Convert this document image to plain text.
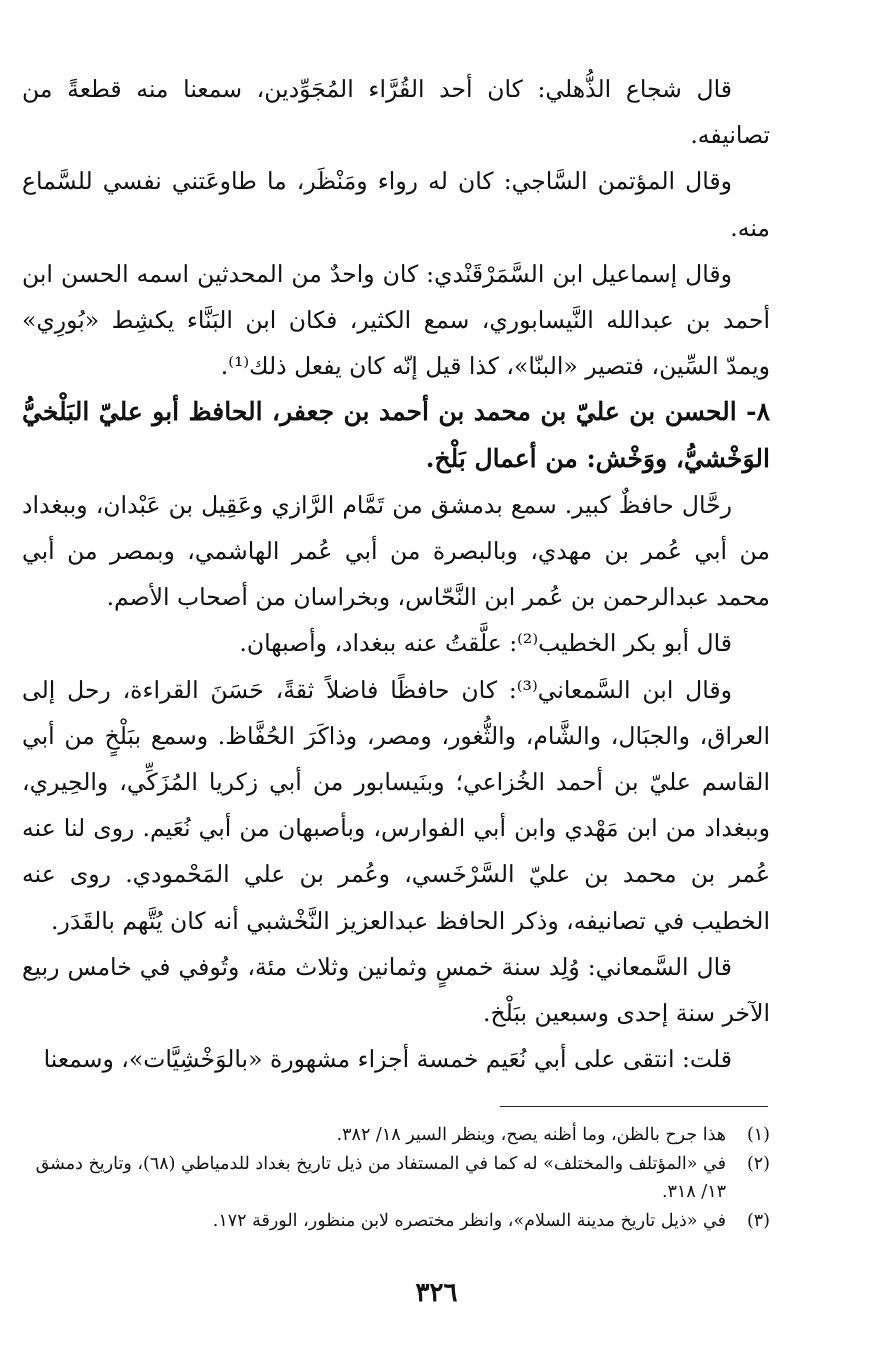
قال شجاع الذُّهلي: كان أحد القُرَّاء المُجَوِّدين، سمعنا منه قطعةً من تصانيفه.

وقال المؤتمن السَّاجي: كان له رواء ومَنْظَر، ما طاوعَتني نفسي للسَّماع منه.

وقال إسماعيل ابن السَّمَرْقَنْدي: كان واحدٌ من المحدثين اسمه الحسن ابن أحمد بن عبدالله النَّيسابوري، سمع الكثير، فكان ابن البَنَّاء يكشِط «بُورِي» ويمدّ السِّين، فتصير «البنّا»، كذا قيل إنّه كان يفعل ذلك⁽¹⁾.

٨- الحسن بن عليّ بن محمد بن أحمد بن جعفر، الحافظ أبو عليّ البَلْخيُّ الوَخْشيُّ، ووَخْش: من أعمال بَلْخ.

رحَّال حافظٌ كبير. سمع بدمشق من تَمَّام الرَّازي وعَقِيل بن عَبْدان، وببغداد من أبي عُمر بن مهدي، وبالبصرة من أبي عُمر الهاشمي، وبمصر من أبي محمد عبدالرحمن بن عُمر ابن النَّحّاس، وبخراسان من أصحاب الأصم.

قال أبو بكر الخطيب⁽²⁾: علَّقتُ عنه ببغداد، وأصبهان.

وقال ابن السَّمعاني⁽³⁾: كان حافظًا فاضلاً ثقةً، حَسَنَ القراءة، رحل إلى العراق، والجبَال، والشَّام، والثُّغور، ومصر، وذاكَرَ الحُفَّاظ. وسمع ببَلْخٍ من أبي القاسم عليّ بن أحمد الخُزاعي؛ وبنَيسابور من أبي زكريا المُزَكِّي، والحِيري، وببغداد من ابن مَهْدي وابن أبي الفوارس، وبأصبهان من أبي نُعَيم. روى لنا عنه عُمر بن محمد بن عليّ السَّرْخَسي، وعُمر بن علي المَحْمودي. روى عنه الخطيب في تصانيفه، وذكر الحافظ عبدالعزيز النَّخْشبي أنه كان يُتَّهم بالقَدَر.

قال السَّمعاني: وُلِد سنة خمسٍ وثمانين وثلاث مئة، وتُوفي في خامس ربيع الآخر سنة إحدى وسبعين ببَلْخ.

قلت: انتقى على أبي نُعَيم خمسة أجزاء مشهورة «بالوَخْشِيَّات»، وسمعنا

(١)
هذا جرح بالظن، وما أظنه يصح، وينظر السير ١٨/ ٣٨٢.
(٢)
في «المؤتلف والمختلف» له كما في المستفاد من ذيل تاريخ بغداد للدمياطي (٦٨)، وتاريخ دمشق ١٣/ ٣١٨.
(٣)
في «ذيل تاريخ مدينة السلام»، وانظر مختصره لابن منظور، الورقة ١٧٢.
٣٢٦
